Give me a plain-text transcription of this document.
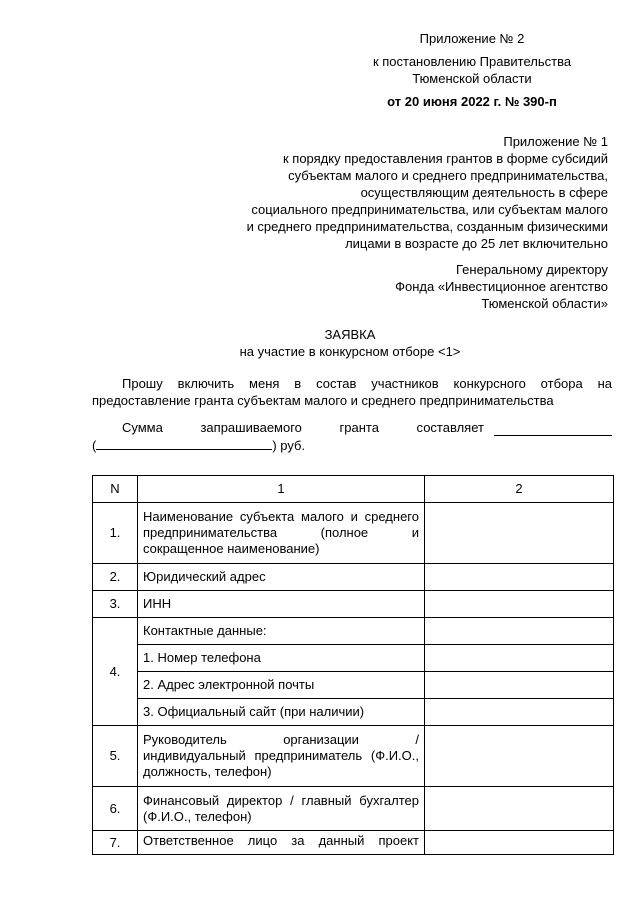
Приложение № 2
к постановлению Правительства
Тюменской области
от 20 июня 2022 г. № 390-п
Приложение № 1
к порядку предоставления грантов в форме субсидий
субъектам малого и среднего предпринимательства,
осуществляющим деятельность в сфере
социального предпринимательства, или субъектам малого
и среднего предпринимательства, созданным физическими
лицами в возрасте до 25 лет включительно
Генеральному директору
Фонда «Инвестиционное агентство
Тюменской области»
ЗАЯВКА
на участие в конкурсном отборе <1>
Прошу включить меня в состав участников конкурсного отбора на предоставление гранта субъектам малого и среднего предпринимательства
Сумма запрашиваемого гранта составляет
(	) руб.
N	1	2
1.	Наименование субъекта малого и среднего предпринимательства (полное и сокращенное наименование)	
2.	Юридический адрес	
3.	ИНН	
4.	Контактные данные:	
	1. Номер телефона	
	2. Адрес электронной почты	
	3. Официальный сайт (при наличии)	
5.	Руководитель организации / индивидуальный предприниматель (Ф.И.О., должность, телефон)	
6.	Финансовый директор / главный бухгалтер (Ф.И.О., телефон)	
7.	Ответственное лицо за данный проект	
